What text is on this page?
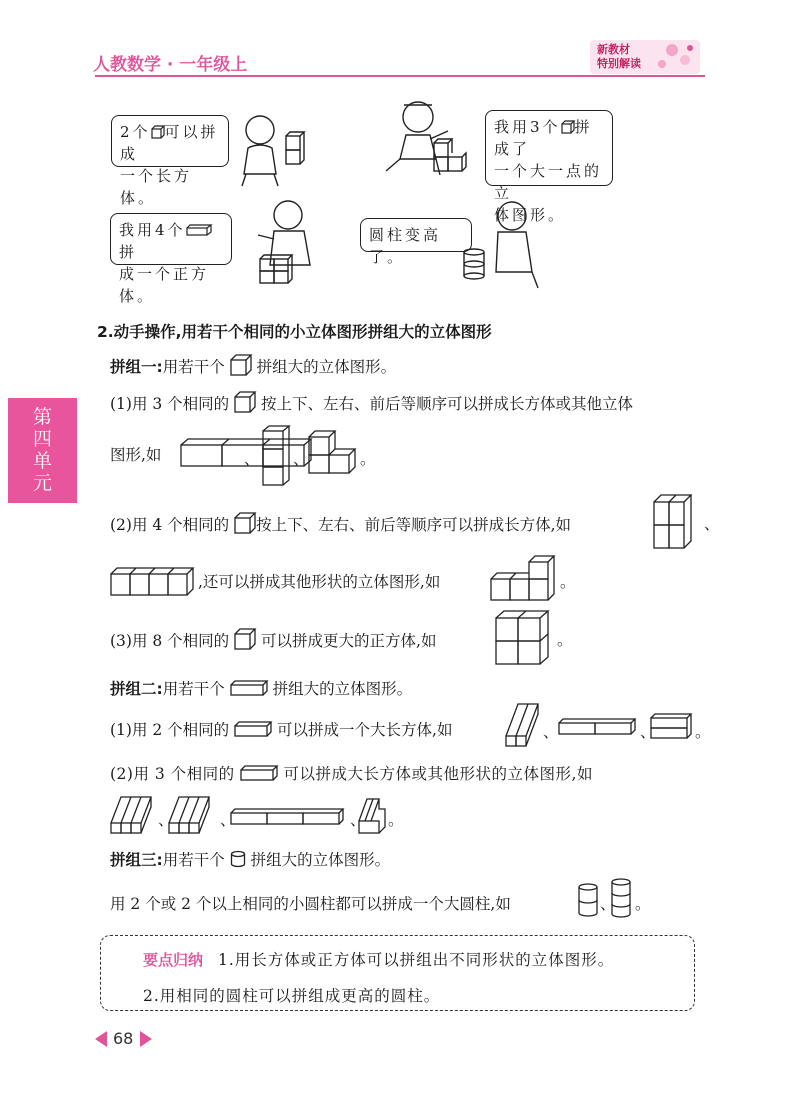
人教数学 · 一年级上
新教材
特别解读
第
四
单
元
2个 可以拼成
一个长方体。
我用3个 拼成了
一个大一点的立
体图形。
我用4个拼
成一个正方体。
圆柱变高了。
2.动手操作,用若干个相同的小立体图形拼组大的立体图形
拼组一:用若干个 拼组大的立体图形。
(1)用 3 个相同的 按上下、左右、前后等顺序可以拼成长方体或其他立体
图形,如	、 、	。
(2)用 4 个相同的 按上下、左右、前后等顺序可以拼成长方体,如	、
,还可以拼成其他形状的立体图形,如	。
(3)用 8 个相同的 可以拼成更大的正方体,如	。
拼组二:用若干个	拼组大的立体图形。
(1)用 2 个相同的	可以拼成一个大长方体,如	、	、	。
(2)用 3 个相同的	可以拼成大长方体或其他形状的立体图形,如
、	、	、 。
拼组三:用若干个 拼组大的立体图形。
用 2 个或 2 个以上相同的小圆柱都可以拼成一个大圆柱,如	、 。
要点归纳 1.用长方体或正方体可以拼组出不同形状的立体图形。
2.用相同的圆柱可以拼组成更高的圆柱。
68
